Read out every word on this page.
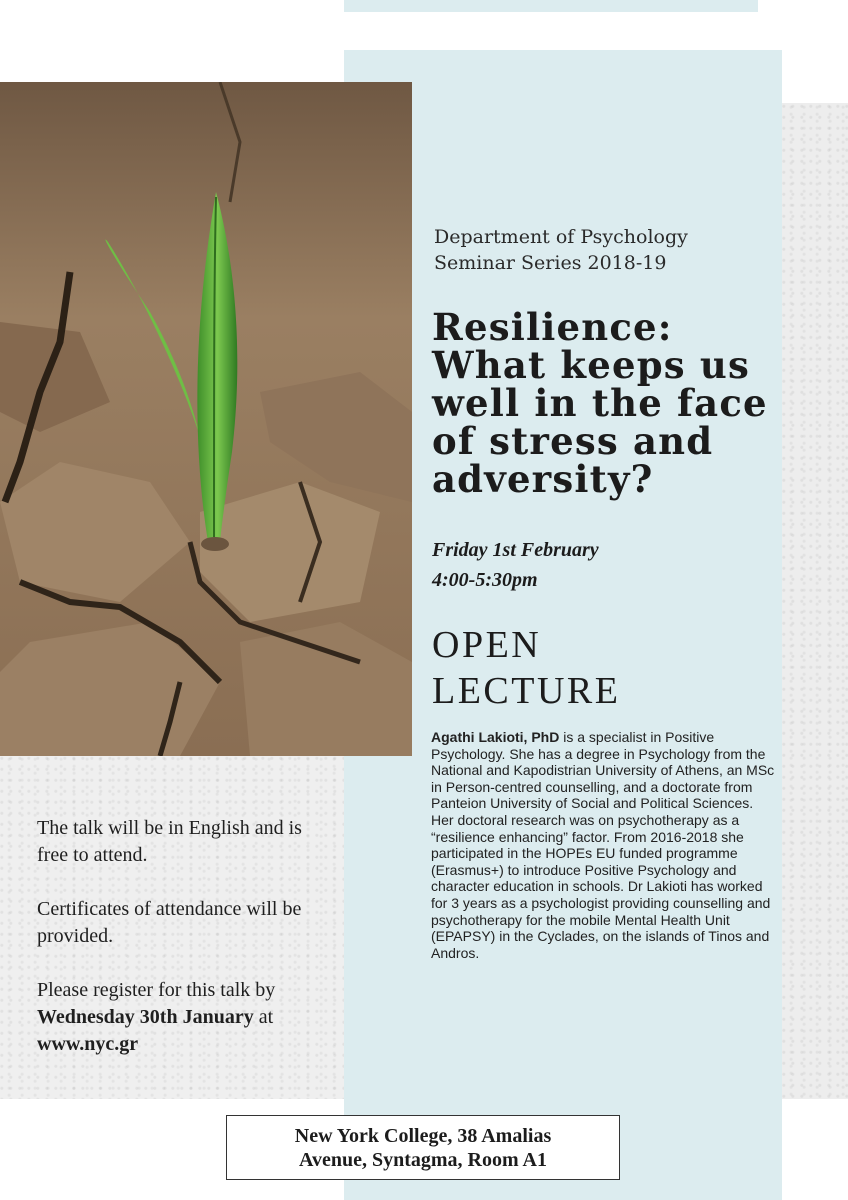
Department of Psychology
Seminar Series 2018-19
Resilience:
What keeps us
well in the face
of stress and
adversity?
Friday 1st February
4:00-5:30pm
OPEN
LECTURE
Agathi Lakioti, PhD is a specialist in Positive Psychology. She has a degree in Psychology from the National and Kapodistrian University of Athens, an MSc in Person-centred counselling, and a doctorate from Panteion University of Social and Political Sciences. Her doctoral research was on psychotherapy as a “resilience enhancing” factor. From 2016-2018 she participated in the HOPEs EU funded programme (Erasmus+) to introduce Positive Psychology and character education in schools. Dr Lakioti has worked for 3 years as a psychologist providing counselling and psychotherapy for the mobile Mental Health Unit (EPAPSY) in the Cyclades, on the islands of Tinos and Andros.

The talk will be in English and is free to attend.

Certificates of attendance will be provided.

Please register for this talk by Wednesday 30th January at www.nyc.gr

New York College, 38 Amalias
Avenue, Syntagma, Room A1
